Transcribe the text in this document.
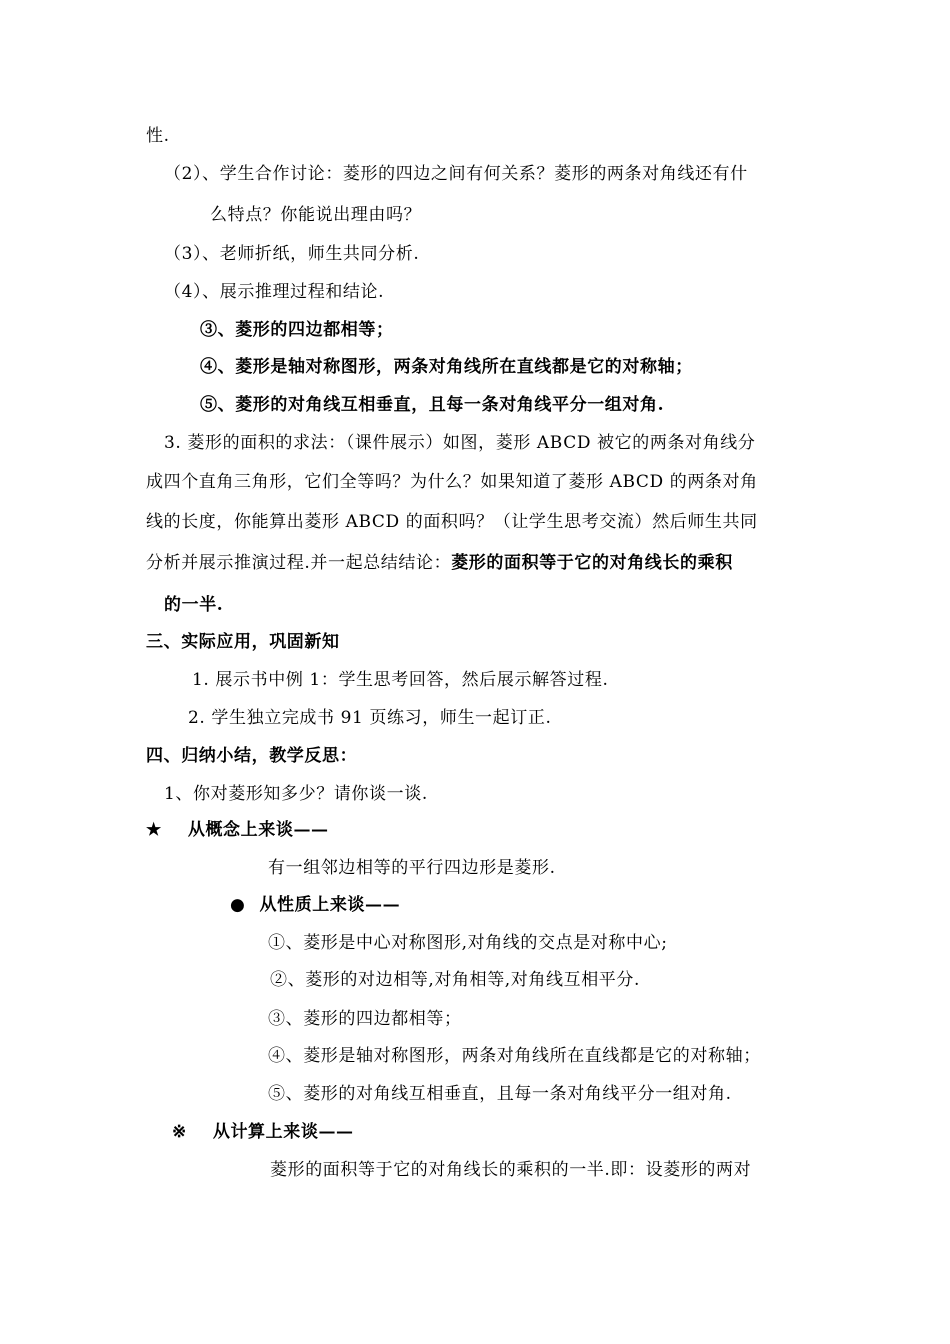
性.
（2）、学生合作讨论：菱形的四边之间有何关系？菱形的两条对角线还有什
么特点？你能说出理由吗？
（3）、老师折纸，师生共同分析.
（4）、展示推理过程和结论.
③、菱形的四边都相等；
④、菱形是轴对称图形，两条对角线所在直线都是它的对称轴；
⑤、菱形的对角线互相垂直，且每一条对角线平分一组对角.
3. 菱形的面积的求法：（课件展示）如图，菱形 ABCD 被它的两条对角线分
成四个直角三角形，它们全等吗？为什么？如果知道了菱形 ABCD 的两条对角
线的长度，你能算出菱形 ABCD 的面积吗？（让学生思考交流）然后师生共同
分析并展示推演过程.并一起总结结论：菱形的面积等于它的对角线长的乘积
的一半.
三、实际应用，巩固新知
1. 展示书中例 1：学生思考回答，然后展示解答过程.
2. 学生独立完成书 91 页练习，师生一起订正.
四、归纳小结，教学反思：
1、你对菱形知多少？请你谈一谈.
★ 从概念上来谈——
有一组邻边相等的平行四边形是菱形.
● 从性质上来谈——
①、菱形是中心对称图形,对角线的交点是对称中心;
②、菱形的对边相等,对角相等,对角线互相平分.
③、菱形的四边都相等；
④、菱形是轴对称图形，两条对角线所在直线都是它的对称轴；
⑤、菱形的对角线互相垂直，且每一条对角线平分一组对角.
※ 从计算上来谈——
菱形的面积等于它的对角线长的乘积的一半.即：设菱形的两对
